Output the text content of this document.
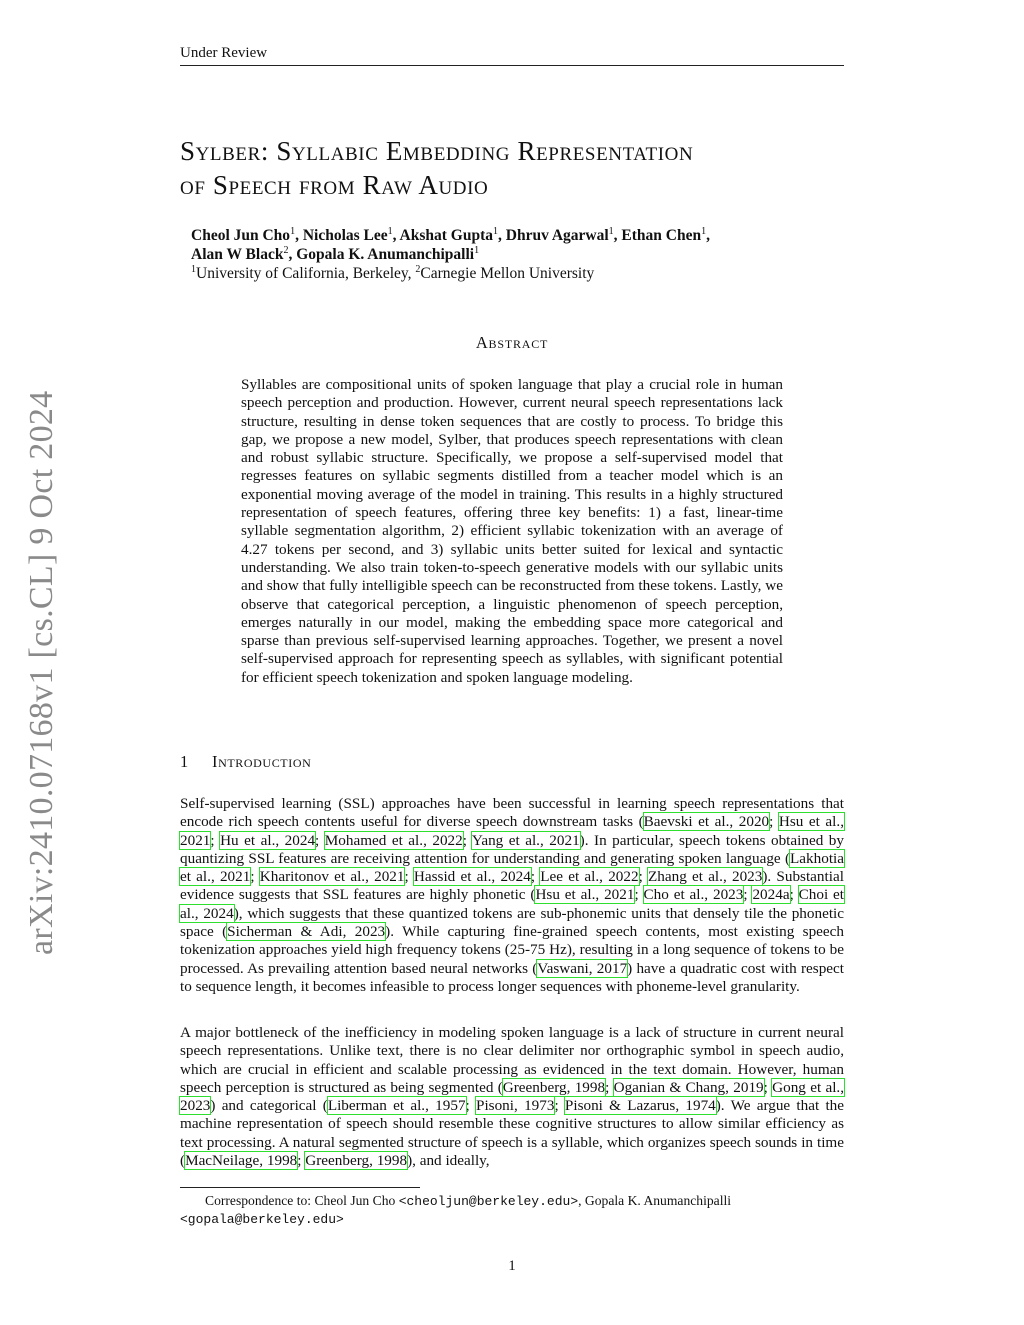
Under Review
arXiv:2410.07168v1 [cs.CL] 9 Oct 2024
Sylber: Syllabic Embedding Representation
of Speech from Raw Audio
Cheol Jun Cho$^1$, Nicholas Lee$^1$, Akshat Gupta$^1$, Dhruv Agarwal$^1$, Ethan Chen$^1$,
Alan W Black$^2$, Gopala K. Anumanchipalli$^1$
$^1$University of California, Berkeley, $^2$Carnegie Mellon University
Abstract
Syllables are compositional units of spoken language that play a crucial role in human speech perception and production. However, current neural speech representations lack structure, resulting in dense token sequences that are costly to process. To bridge this gap, we propose a new model, Sylber, that produces speech representations with clean and robust syllabic structure. Specifically, we propose a self-supervised model that regresses features on syllabic segments distilled from a teacher model which is an exponential moving average of the model in training. This results in a highly structured representation of speech features, offering three key benefits: 1) a fast, linear-time syllable segmentation algorithm, 2) efficient syllabic tokenization with an average of 4.27 tokens per second, and 3) syllabic units better suited for lexical and syntactic understanding. We also train token-to-speech generative models with our syllabic units and show that fully intelligible speech can be reconstructed from these tokens. Lastly, we observe that categorical perception, a linguistic phenomenon of speech perception, emerges naturally in our model, making the embedding space more categorical and sparse than previous self-supervised learning approaches. Together, we present a novel self-supervised approach for representing speech as syllables, with significant potential for efficient speech tokenization and spoken language modeling.
1 Introduction
Self-supervised learning (SSL) approaches have been successful in learning speech representations that encode rich speech contents useful for diverse speech downstream tasks (Baevski et al., 2020; Hsu et al., 2021; Hu et al., 2024; Mohamed et al., 2022; Yang et al., 2021). In particular, speech tokens obtained by quantizing SSL features are receiving attention for understanding and generating spoken language (Lakhotia et al., 2021; Kharitonov et al., 2021; Hassid et al., 2024; Lee et al., 2022; Zhang et al., 2023). Substantial evidence suggests that SSL features are highly phonetic (Hsu et al., 2021; Cho et al., 2023; 2024a; Choi et al., 2024), which suggests that these quantized tokens are sub-phonemic units that densely tile the phonetic space (Sicherman & Adi, 2023). While capturing fine-grained speech contents, most existing speech tokenization approaches yield high frequency tokens (25-75 Hz), resulting in a long sequence of tokens to be processed. As prevailing attention based neural networks (Vaswani, 2017) have a quadratic cost with respect to sequence length, it becomes infeasible to process longer sequences with phoneme-level granularity.
A major bottleneck of the inefficiency in modeling spoken language is a lack of structure in current neural speech representations. Unlike text, there is no clear delimiter nor orthographic symbol in speech audio, which are crucial in efficient and scalable processing as evidenced in the text domain. However, human speech perception is structured as being segmented (Greenberg, 1998; Oganian & Chang, 2019; Gong et al., 2023) and categorical (Liberman et al., 1957; Pisoni, 1973; Pisoni & Lazarus, 1974). We argue that the machine representation of speech should resemble these cognitive structures to allow similar efficiency as text processing. A natural segmented structure of speech is a syllable, which organizes speech sounds in time (MacNeilage, 1998; Greenberg, 1998), and ideally,
Correspondence to: Cheol Jun Cho <cheoljun@berkeley.edu>, Gopala K. Anumanchipalli
<gopala@berkeley.edu>
1
